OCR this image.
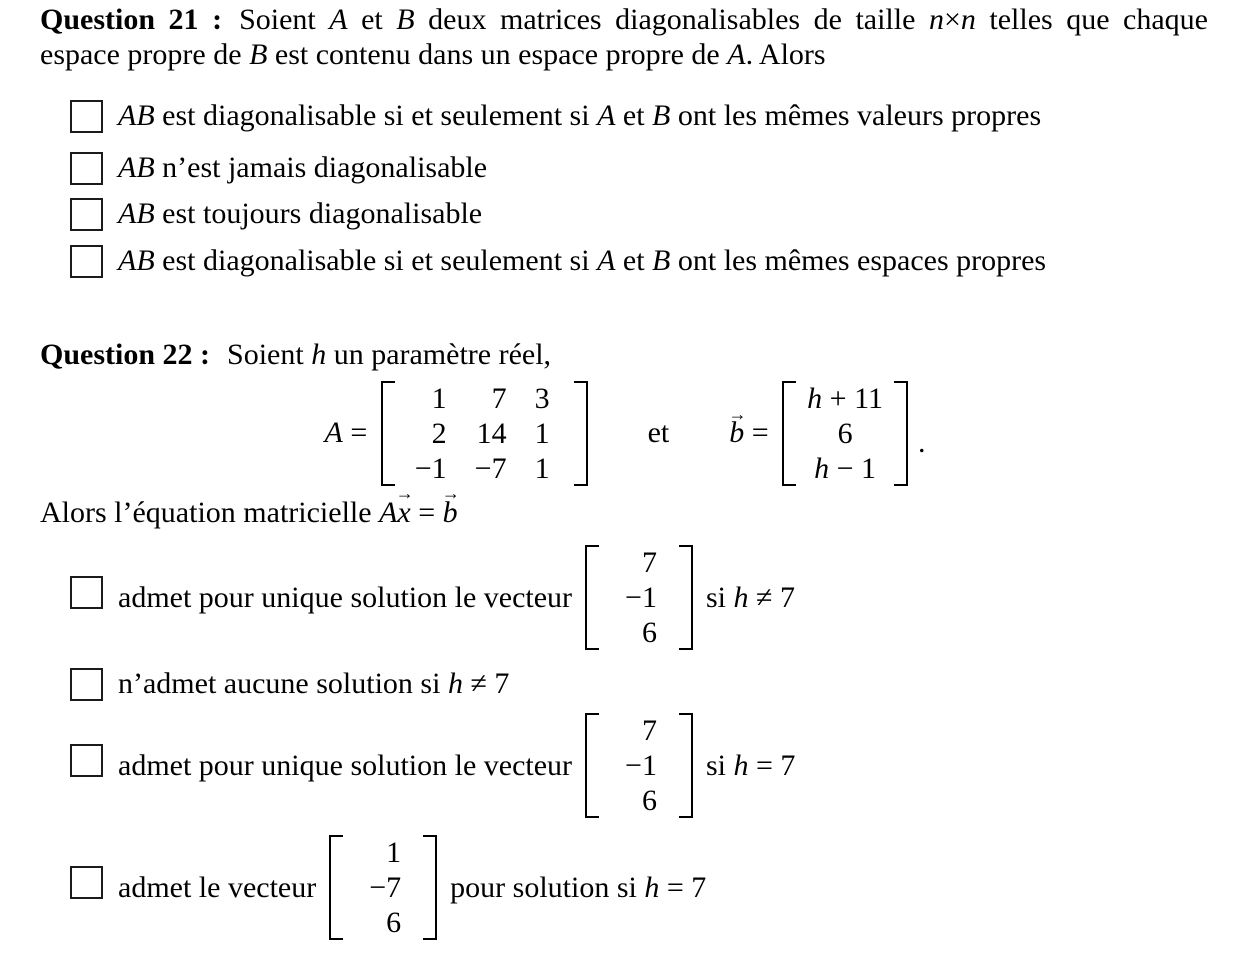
Question 21 : Soient A et B deux matrices diagonalisables de taille n×n telles que chaque espace propre de B est contenu dans un espace propre de A. Alors

AB est diagonalisable si et seulement si A et B ont les mêmes valeurs propres
AB n’est jamais diagonalisable
AB est toujours diagonalisable
AB est diagonalisable si et seulement si A et B ont les mêmes espaces propres

Question 22 : Soient h un paramètre réel,

A =
1 7 3
2 14 1
−1 −7 1
et b → =
h + 11
6
h − 1
.

Alors l’équation matricielle Ax → = b →

admet pour unique solution le vecteur
7
−1
6
si h ≠ 7
n’admet aucune solution si h ≠ 7
admet pour unique solution le vecteur
7
−1
6
si h = 7
admet le vecteur
1
−7
6
pour solution si h = 7
